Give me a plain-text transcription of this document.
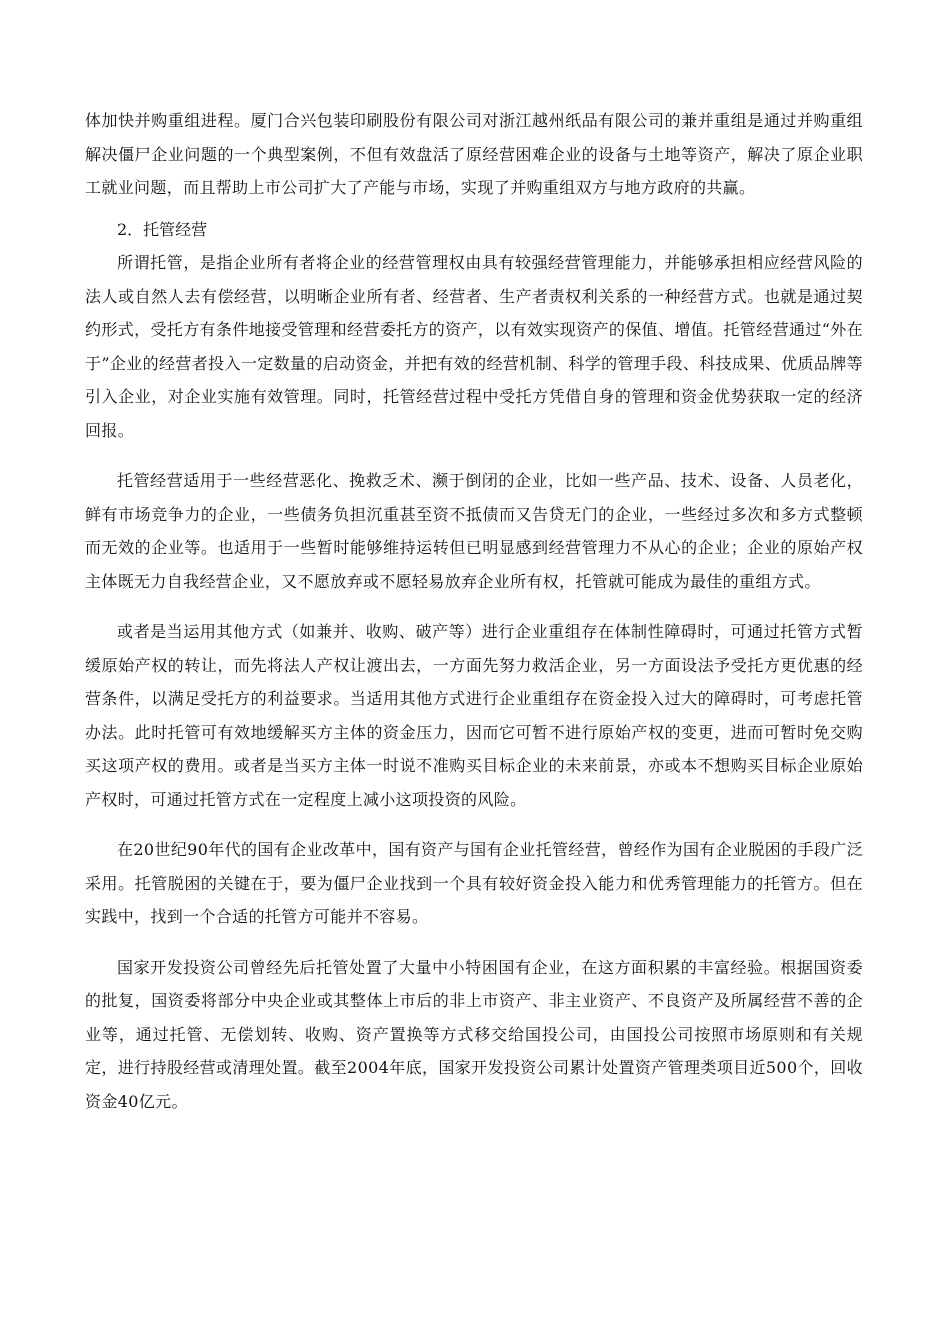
体加快并购重组进程。厦门合兴包装印刷股份有限公司对浙江越州纸品有限公司的兼并重组是通过并购重组解决僵尸企业问题的一个典型案例，不但有效盘活了原经营困难企业的设备与土地等资产，解决了原企业职工就业问题，而且帮助上市公司扩大了产能与市场，实现了并购重组双方与地方政府的共赢。

2．托管经营

所谓托管，是指企业所有者将企业的经营管理权由具有较强经营管理能力，并能够承担相应经营风险的法人或自然人去有偿经营，以明晰企业所有者、经营者、生产者责权利关系的一种经营方式。也就是通过契约形式，受托方有条件地接受管理和经营委托方的资产，以有效实现资产的保值、增值。托管经营通过“外在于”企业的经营者投入一定数量的启动资金，并把有效的经营机制、科学的管理手段、科技成果、优质品牌等引入企业，对企业实施有效管理。同时，托管经营过程中受托方凭借自身的管理和资金优势获取一定的经济回报。

托管经营适用于一些经营恶化、挽救乏术、濒于倒闭的企业，比如一些产品、技术、设备、人员老化，鲜有市场竞争力的企业，一些债务负担沉重甚至资不抵债而又告贷无门的企业，一些经过多次和多方式整顿而无效的企业等。也适用于一些暂时能够维持运转但已明显感到经营管理力不从心的企业；企业的原始产权主体既无力自我经营企业，又不愿放弃或不愿轻易放弃企业所有权，托管就可能成为最佳的重组方式。

或者是当运用其他方式（如兼并、收购、破产等）进行企业重组存在体制性障碍时，可通过托管方式暂缓原始产权的转让，而先将法人产权让渡出去，一方面先努力救活企业，另一方面设法予受托方更优惠的经营条件，以满足受托方的利益要求。当适用其他方式进行企业重组存在资金投入过大的障碍时，可考虑托管办法。此时托管可有效地缓解买方主体的资金压力，因而它可暂不进行原始产权的变更，进而可暂时免交购买这项产权的费用。或者是当买方主体一时说不准购买目标企业的未来前景，亦或本不想购买目标企业原始产权时，可通过托管方式在一定程度上减小这项投资的风险。

在20世纪90年代的国有企业改革中，国有资产与国有企业托管经营，曾经作为国有企业脱困的手段广泛采用。托管脱困的关键在于，要为僵尸企业找到一个具有较好资金投入能力和优秀管理能力的托管方。但在实践中，找到一个合适的托管方可能并不容易。

国家开发投资公司曾经先后托管处置了大量中小特困国有企业，在这方面积累的丰富经验。根据国资委的批复，国资委将部分中央企业或其整体上市后的非上市资产、非主业资产、不良资产及所属经营不善的企业等，通过托管、无偿划转、收购、资产置换等方式移交给国投公司，由国投公司按照市场原则和有关规定，进行持股经营或清理处置。截至2004年底，国家开发投资公司累计处置资产管理类项目近500个，回收资金40亿元。
